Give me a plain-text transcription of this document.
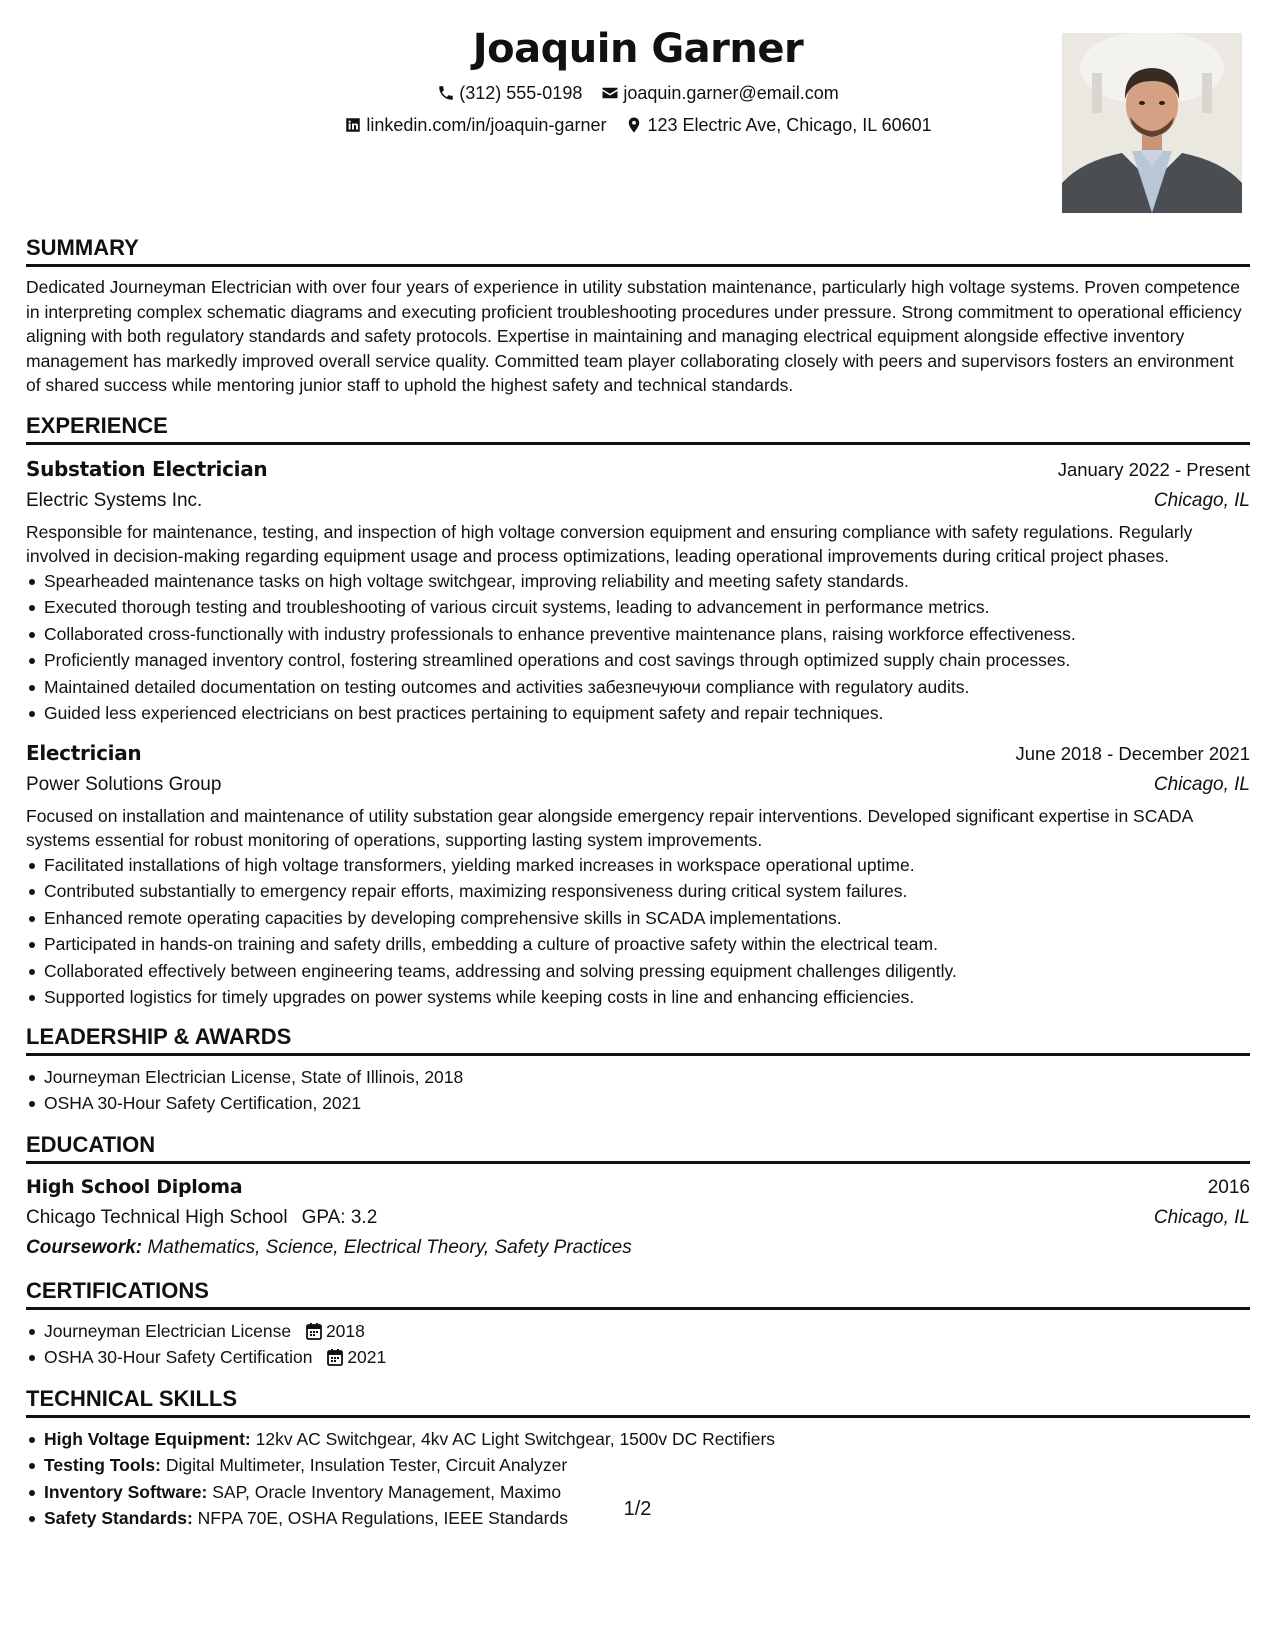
Joaquin Garner
(312) 555-0198
joaquin.garner@email.com
linkedin.com/in/joaquin-garner
123 Electric Ave, Chicago, IL 60601
SUMMARY

Dedicated Journeyman Electrician with over four years of experience in utility substation maintenance, particularly high voltage systems. Proven competence in interpreting complex schematic diagrams and executing proficient troubleshooting procedures under pressure. Strong commitment to operational efficiency aligning with both regulatory standards and safety protocols. Expertise in maintaining and managing electrical equipment alongside effective inventory management has markedly improved overall service quality. Committed team player collaborating closely with peers and supervisors fosters an environment of shared success while mentoring junior staff to uphold the highest safety and technical standards.

EXPERIENCE
Substation Electrician	January 2022 - Present
Electric Systems Inc.	Chicago, IL

Responsible for maintenance, testing, and inspection of high voltage conversion equipment and ensuring compliance with safety regulations. Regularly involved in decision-making regarding equipment usage and process optimizations, leading operational improvements during critical project phases.

Spearheaded maintenance tasks on high voltage switchgear, improving reliability and meeting safety standards.
Executed thorough testing and troubleshooting of various circuit systems, leading to advancement in performance metrics.
Collaborated cross-functionally with industry professionals to enhance preventive maintenance plans, raising workforce effectiveness.
Proficiently managed inventory control, fostering streamlined operations and cost savings through optimized supply chain processes.
Maintained detailed documentation on testing outcomes and activities забезпечуючи compliance with regulatory audits.
Guided less experienced electricians on best practices pertaining to equipment safety and repair techniques.
Electrician	June 2018 - December 2021
Power Solutions Group	Chicago, IL

Focused on installation and maintenance of utility substation gear alongside emergency repair interventions. Developed significant expertise in SCADA systems essential for robust monitoring of operations, supporting lasting system improvements.

Facilitated installations of high voltage transformers, yielding marked increases in workspace operational uptime.
Contributed substantially to emergency repair efforts, maximizing responsiveness during critical system failures.
Enhanced remote operating capacities by developing comprehensive skills in SCADA implementations.
Participated in hands-on training and safety drills, embedding a culture of proactive safety within the electrical team.
Collaborated effectively between engineering teams, addressing and solving pressing equipment challenges diligently.
Supported logistics for timely upgrades on power systems while keeping costs in line and enhancing efficiencies.
LEADERSHIP & AWARDS
Journeyman Electrician License, State of Illinois, 2018
OSHA 30-Hour Safety Certification, 2021
EDUCATION
High School Diploma	2016
Chicago Technical High School GPA: 3.2	Chicago, IL
Coursework: Mathematics, Science, Electrical Theory, Safety Practices
CERTIFICATIONS
Journeyman Electrician License 2018
OSHA 30-Hour Safety Certification 2021
TECHNICAL SKILLS
High Voltage Equipment: 12kv AC Switchgear, 4kv AC Light Switchgear, 1500v DC Rectifiers
Testing Tools: Digital Multimeter, Insulation Tester, Circuit Analyzer
Inventory Software: SAP, Oracle Inventory Management, Maximo
Safety Standards: NFPA 70E, OSHA Regulations, IEEE Standards	1/2
